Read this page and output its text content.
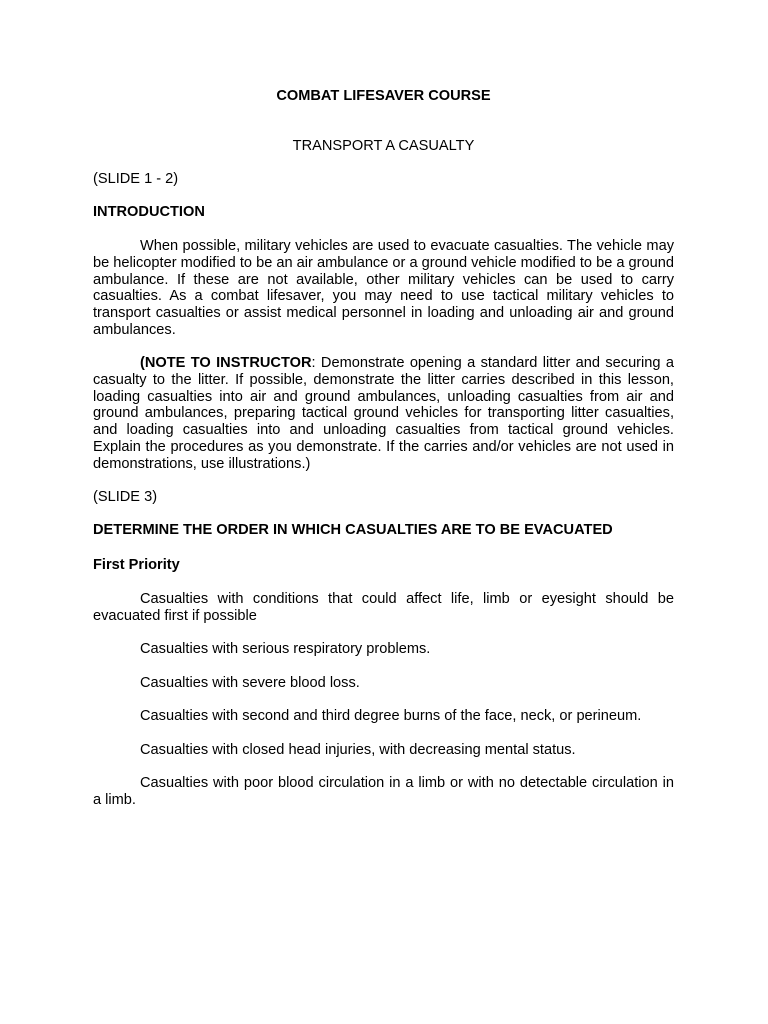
COMBAT LIFESAVER COURSE
TRANSPORT A CASUALTY

(SLIDE 1 - 2)

INTRODUCTION

When possible, military vehicles are used to evacuate casualties. The vehicle may be helicopter modified to be an air ambulance or a ground vehicle modified to be a ground ambulance. If these are not available, other military vehicles can be used to carry casualties. As a combat lifesaver, you may need to use tactical military vehicles to transport casualties or assist medical personnel in loading and unloading air and ground ambulances.

(NOTE TO INSTRUCTOR: Demonstrate opening a standard litter and securing a casualty to the litter. If possible, demonstrate the litter carries described in this lesson, loading casualties into air and ground ambulances, unloading casualties from air and ground ambulances, preparing tactical ground vehicles for transporting litter casualties, and loading casualties into and unloading casualties from tactical ground vehicles. Explain the procedures as you demonstrate. If the carries and/or vehicles are not used in demonstrations, use illustrations.)

(SLIDE 3)

DETERMINE THE ORDER IN WHICH CASUALTIES ARE TO BE EVACUATED

First Priority

Casualties with conditions that could affect life, limb or eyesight should be evacuated first if possible

Casualties with serious respiratory problems.

Casualties with severe blood loss.

Casualties with second and third degree burns of the face, neck, or perineum.

Casualties with closed head injuries, with decreasing mental status.

Casualties with poor blood circulation in a limb or with no detectable circulation in a limb.
